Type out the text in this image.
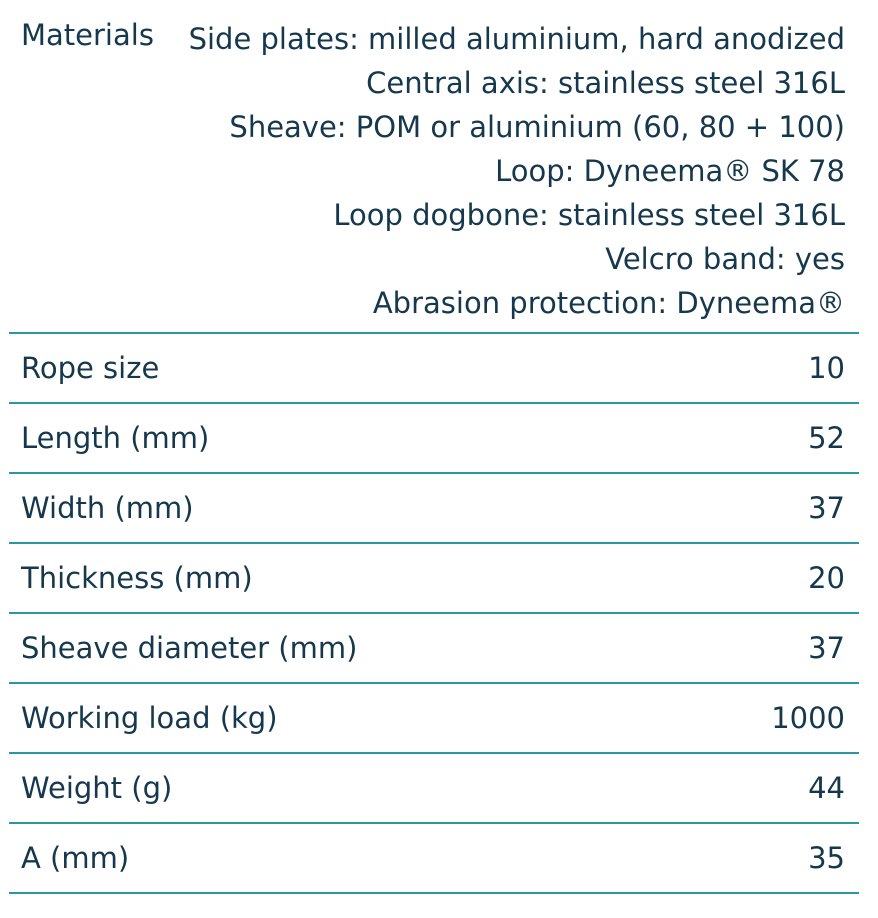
Materials Side plates: milled aluminium, hard anodized
Central axis: stainless steel 316L
Sheave: POM or aluminium (60, 80 + 100)
Loop: Dyneema® SK 78
Loop dogbone: stainless steel 316L
Velcro band: yes
Abrasion protection: Dyneema®
Rope size	10
Length (mm)	52
Width (mm)	37
Thickness (mm)	20
Sheave diameter (mm)	37
Working load (kg)	1000
Weight (g)	44
A (mm)	35
